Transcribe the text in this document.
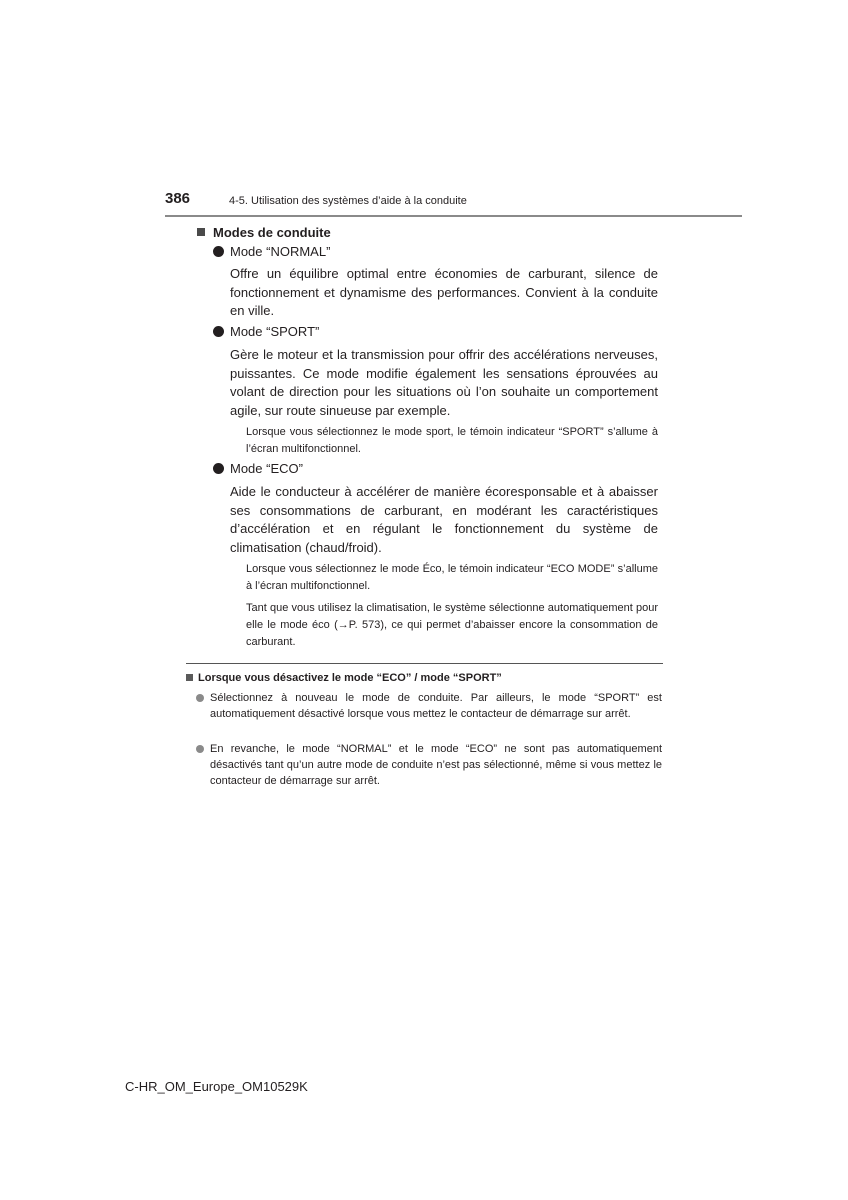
386	4-5. Utilisation des systèmes d’aide à la conduite
Modes de conduite
Mode “NORMAL”
Offre un équilibre optimal entre économies de carburant, silence de fonctionnement et dynamisme des performances. Convient à la conduite en ville.
Mode “SPORT”
Gère le moteur et la transmission pour offrir des accélérations nerveuses, puissantes. Ce mode modifie également les sensations éprouvées au volant de direction pour les situations où l’on souhaite un comportement agile, sur route sinueuse par exemple.
Lorsque vous sélectionnez le mode sport, le témoin indicateur “SPORT” s’allume à l’écran multifonctionnel.
Mode “ECO”
Aide le conducteur à accélérer de manière écoresponsable et à abaisser ses consommations de carburant, en modérant les caractéristiques d’accélération et en régulant le fonctionnement du système de climatisation (chaud/froid).
Lorsque vous sélectionnez le mode Éco, le témoin indicateur “ECO MODE” s’allume à l’écran multifonctionnel.
Tant que vous utilisez la climatisation, le système sélectionne automatiquement pour elle le mode éco (→P. 573), ce qui permet d’abaisser encore la consommation de carburant.
Lorsque vous désactivez le mode “ECO” / mode “SPORT”
Sélectionnez à nouveau le mode de conduite. Par ailleurs, le mode “SPORT” est automatiquement désactivé lorsque vous mettez le contacteur de démarrage sur arrêt.
En revanche, le mode “NORMAL” et le mode “ECO” ne sont pas automatiquement désactivés tant qu’un autre mode de conduite n’est pas sélectionné, même si vous mettez le contacteur de démarrage sur arrêt.
C-HR_OM_Europe_OM10529K
